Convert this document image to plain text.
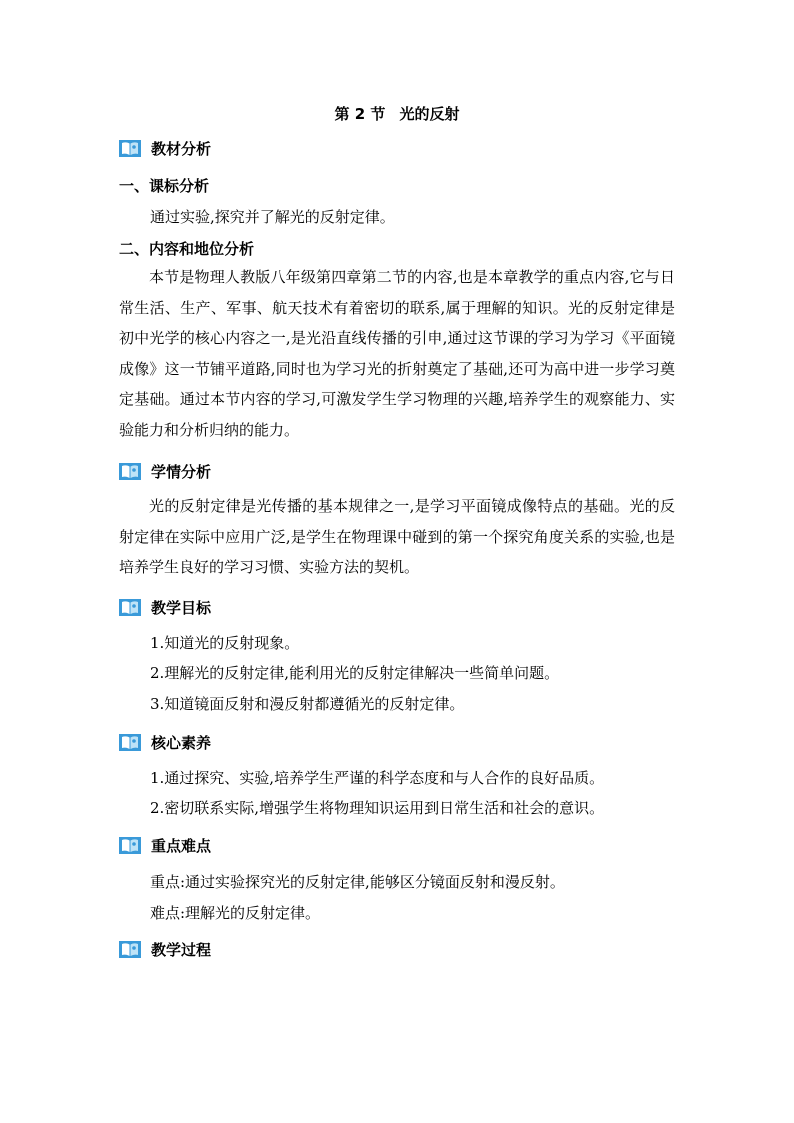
第 2 节 光的反射
教材分析
一、课标分析
通过实验,探究并了解光的反射定律。
二、内容和地位分析

本节是物理人教版八年级第四章第二节的内容,也是本章教学的重点内容,它与日常生活、生产、军事、航天技术有着密切的联系,属于理解的知识。光的反射定律是初中光学的核心内容之一,是光沿直线传播的引申,通过这节课的学习为学习《平面镜成像》这一节铺平道路,同时也为学习光的折射奠定了基础,还可为高中进一步学习奠定基础。通过本节内容的学习,可激发学生学习物理的兴趣,培养学生的观察能力、实验能力和分析归纳的能力。

学情分析

光的反射定律是光传播的基本规律之一,是学习平面镜成像特点的基础。光的反射定律在实际中应用广泛,是学生在物理课中碰到的第一个探究角度关系的实验,也是培养学生良好的学习习惯、实验方法的契机。

教学目标
1.知道光的反射现象。
2.理解光的反射定律,能利用光的反射定律解决一些简单问题。
3.知道镜面反射和漫反射都遵循光的反射定律。
核心素养
1.通过探究、实验,培养学生严谨的科学态度和与人合作的良好品质。
2.密切联系实际,增强学生将物理知识运用到日常生活和社会的意识。
重点难点
重点:通过实验探究光的反射定律,能够区分镜面反射和漫反射。
难点:理解光的反射定律。
教学过程
